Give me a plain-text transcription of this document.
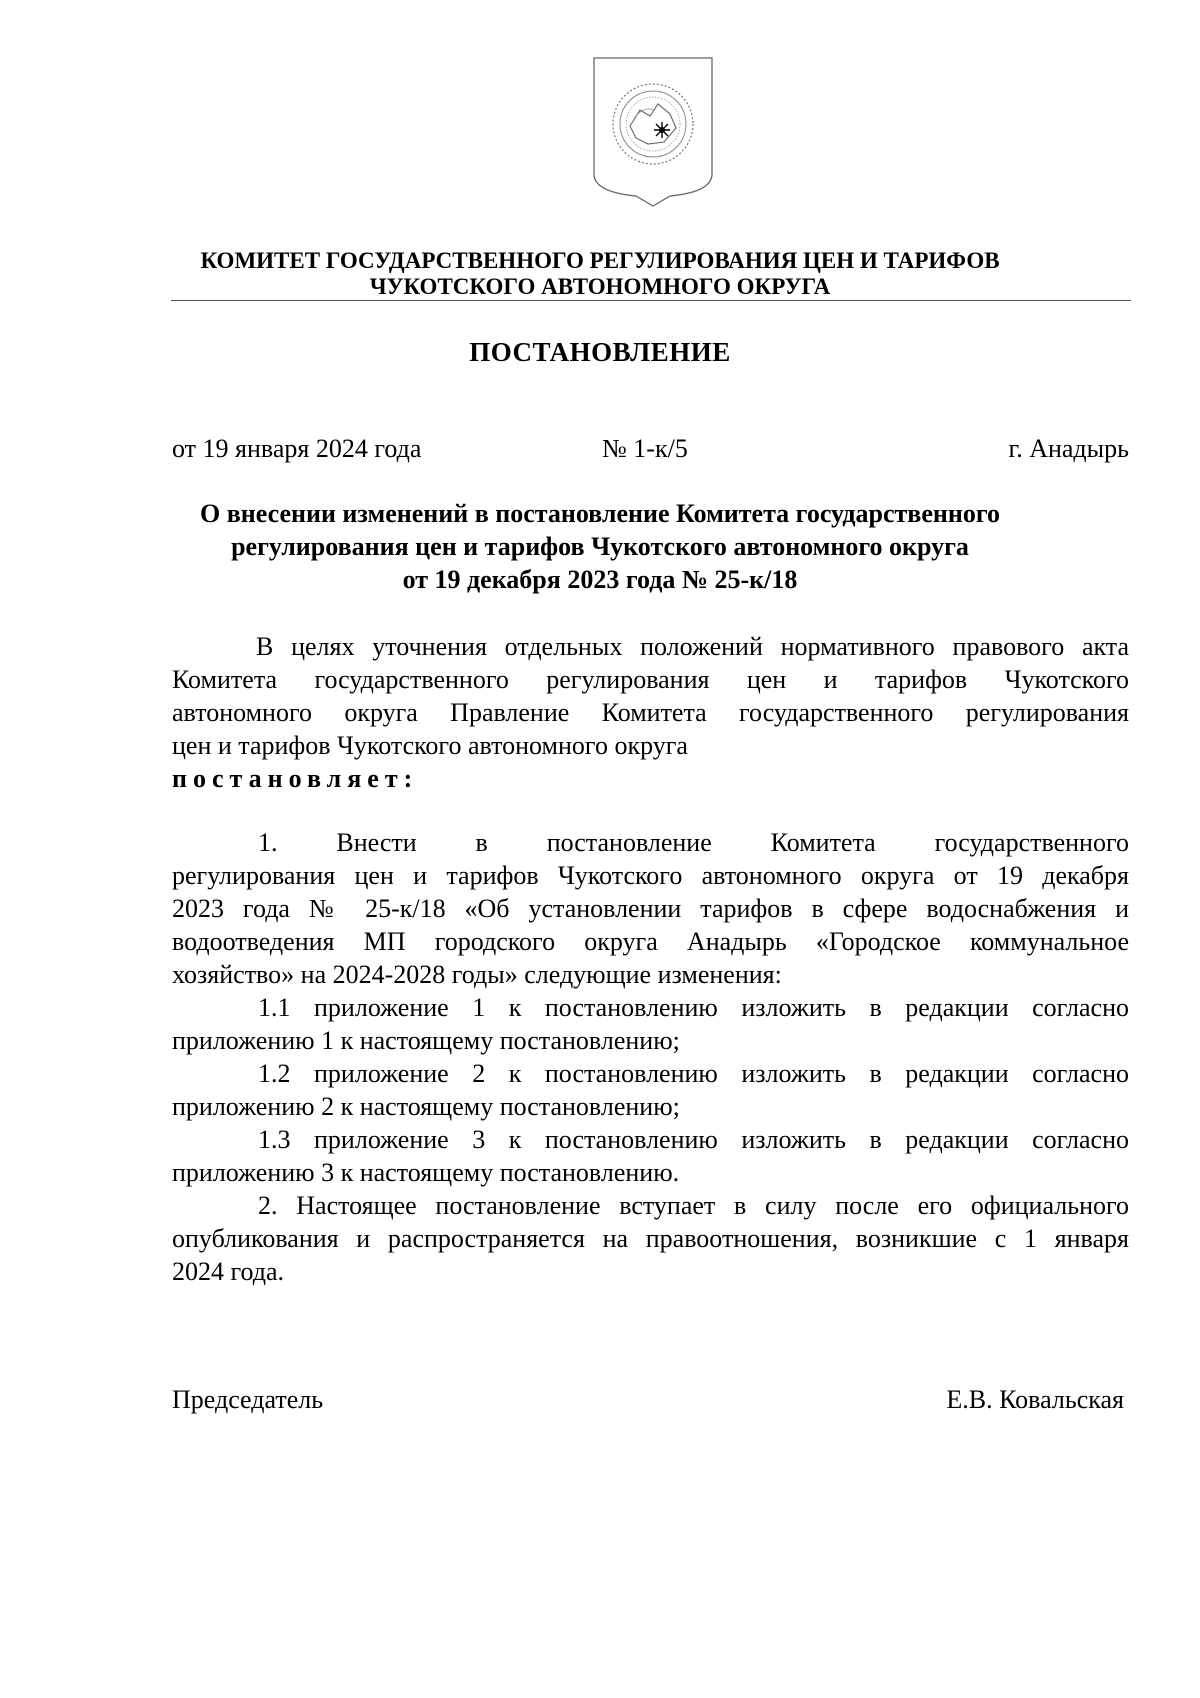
КОМИТЕТ ГОСУДАРСТВЕННОГО РЕГУЛИРОВАНИЯ ЦЕН И ТАРИФОВ
ЧУКОТСКОГО АВТОНОМНОГО ОКРУГА
ПОСТАНОВЛЕНИЕ
от 19 января 2024 года	№ 1-к/5	г. Анадырь
О внесении изменений в постановление Комитета государственного
регулирования цен и тарифов Чукотского автономного округа
от 19 декабря 2023 года № 25-к/18
В целях уточнения отдельных положений нормативного правового акта
Комитета государственного регулирования цен и тарифов Чукотского
автономного округа Правление Комитета государственного регулирования
цен и тарифов Чукотского автономного округа
постановляет:
1. Внести в постановление Комитета государственного
регулирования цен и тарифов Чукотского автономного округа от 19 декабря
2023 года № 25-к/18 «Об установлении тарифов в сфере водоснабжения и
водоотведения МП городского округа Анадырь «Городское коммунальное
хозяйство» на 2024-2028 годы» следующие изменения:
1.1 приложение 1 к постановлению изложить в редакции согласно
приложению 1 к настоящему постановлению;
1.2 приложение 2 к постановлению изложить в редакции согласно
приложению 2 к настоящему постановлению;
1.3 приложение 3 к постановлению изложить в редакции согласно
приложению 3 к настоящему постановлению.
2. Настоящее постановление вступает в силу после его официального
опубликования и распространяется на правоотношения, возникшие с 1 января
2024 года.
Председатель	Е.В. Ковальская
